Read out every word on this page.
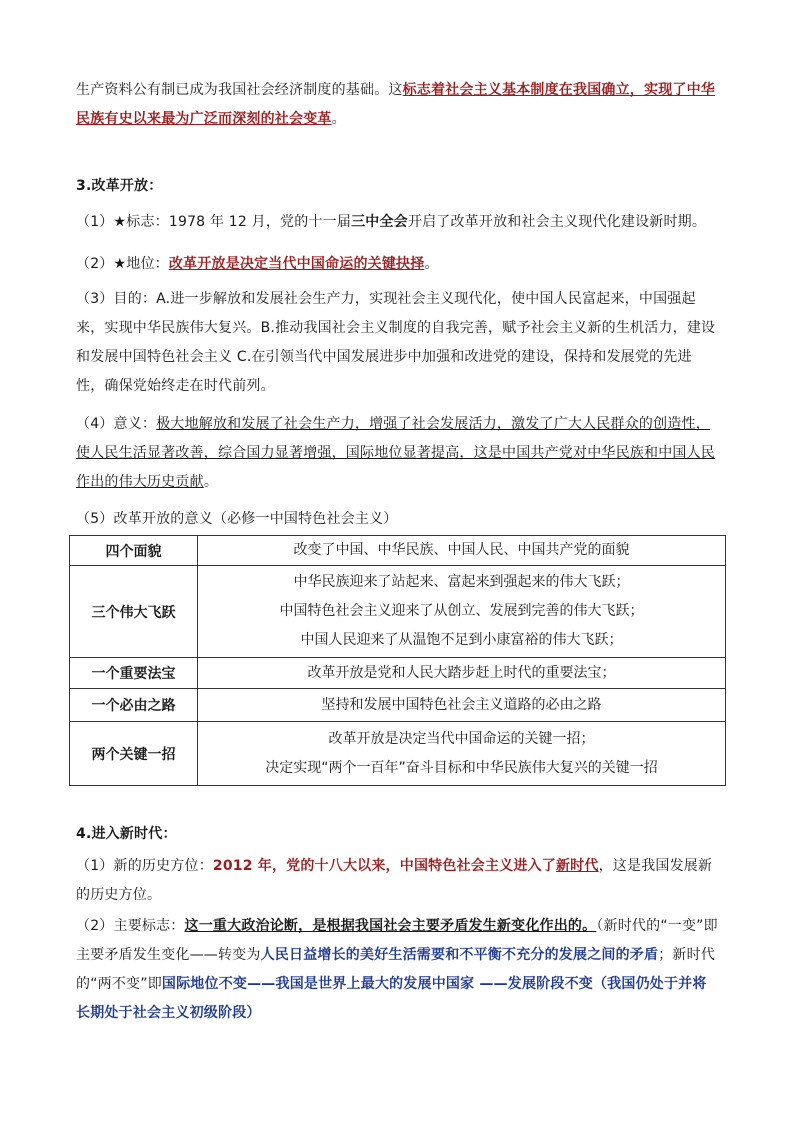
生产资料公有制已成为我国社会经济制度的基础。这标志着社会主义基本制度在我国确立，实现了中华民族有史以来最为广泛而深刻的社会变革。
3.改革开放：
（1）★标志：1978 年 12 月，党的十一届三中全会开启了改革开放和社会主义现代化建设新时期。
（2）★地位：改革开放是决定当代中国命运的关键抉择。
（3）目的：A.进一步解放和发展社会生产力，实现社会主义现代化，使中国人民富起来，中国强起来，实现中华民族伟大复兴。B.推动我国社会主义制度的自我完善，赋予社会主义新的生机活力，建设和发展中国特色社会主义 C.在引领当代中国发展进步中加强和改进党的建设，保持和发展党的先进性，确保党始终走在时代前列。
（4）意义：极大地解放和发展了社会生产力，增强了社会发展活力，激发了广大人民群众的创造性，使人民生活显著改善，综合国力显著增强，国际地位显著提高，这是中国共产党对中华民族和中国人民作出的伟大历史贡献。
（5）改革开放的意义（必修一中国特色社会主义）
四个面貌	改变了中国、中华民族、中国人民、中国共产党的面貌

三个伟大飞跃	中华民族迎来了站起来、富起来到强起来的伟大飞跃；
中国特色社会主义迎来了从创立、发展到完善的伟大飞跃；
中国人民迎来了从温饱不足到小康富裕的伟大飞跃；

一个重要法宝	改革开放是党和人民大踏步赶上时代的重要法宝；

一个必由之路	坚持和发展中国特色社会主义道路的必由之路

两个关键一招	改革开放是决定当代中国命运的关键一招；
决定实现“两个一百年”奋斗目标和中华民族伟大复兴的关键一招
4.进入新时代：
（1）新的历史方位：2012 年，党的十八大以来，中国特色社会主义进入了新时代，这是我国发展新的历史方位。
（2）主要标志：这一重大政治论断，是根据我国社会主要矛盾发生新变化作出的。（新时代的“一变”即主要矛盾发生变化——转变为人民日益增长的美好生活需要和不平衡不充分的发展之间的矛盾；新时代的“两不变”即国际地位不变——我国是世界上最大的发展中国家 ——发展阶段不变（我国仍处于并将长期处于社会主义初级阶段）
